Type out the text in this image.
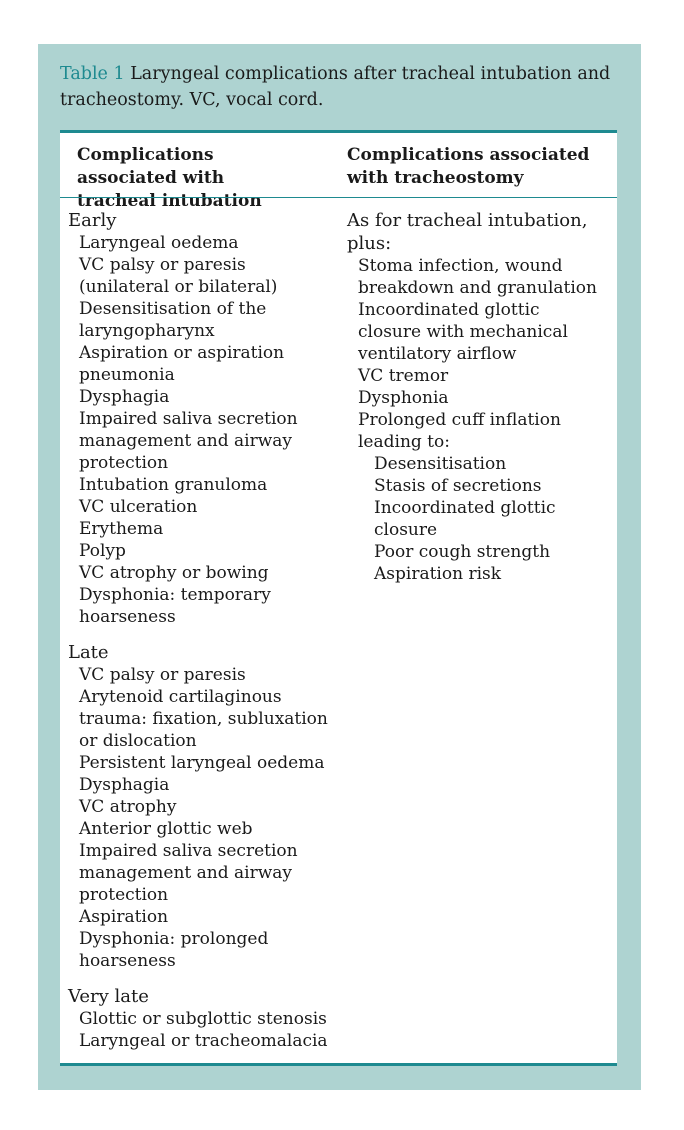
Table 1 Laryngeal complications after tracheal intubation and tracheostomy. VC, vocal cord.
Complications associated with tracheal intubation
Complications associated with tracheostomy
Early
Laryngeal oedema
VC palsy or paresis (unilateral or bilateral)
Desensitisation of the laryngopharynx
Aspiration or aspiration pneumonia
Dysphagia
Impaired saliva secretion management and airway protection
Intubation granuloma
VC ulceration
Erythema
Polyp
VC atrophy or bowing
Dysphonia: temporary hoarseness
Late
VC palsy or paresis
Arytenoid cartilaginous trauma: fixation, subluxation or dislocation
Persistent laryngeal oedema
Dysphagia
VC atrophy
Anterior glottic web
Impaired saliva secretion management and airway protection
Aspiration
Dysphonia: prolonged hoarseness
Very late
Glottic or subglottic stenosis
Laryngeal or tracheomalacia
As for tracheal intubation, plus:
Stoma infection, wound breakdown and granulation
Incoordinated glottic closure with mechanical ventilatory airflow
VC tremor
Dysphonia
Prolonged cuff inflation leading to:
Desensitisation
Stasis of secretions
Incoordinated glottic closure
Poor cough strength
Aspiration risk
